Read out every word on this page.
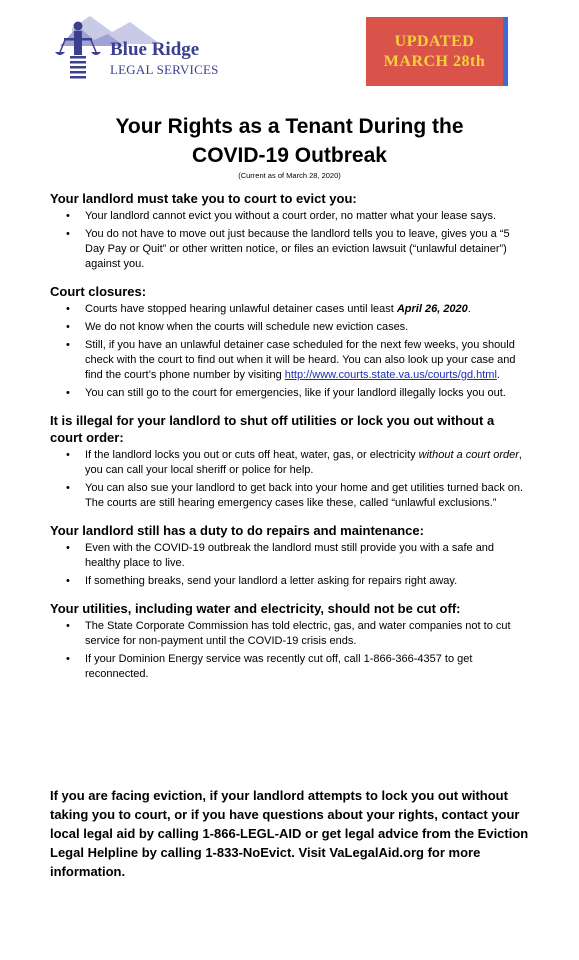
Blue Ridge
LEGAL SERVICES
UPDATED
MARCH 28th
Your Rights as a Tenant During the
COVID-19 Outbreak
(Current as of March 28, 2020)
Your landlord must take you to court to evict you:
• Your landlord cannot evict you without a court order, no matter what your lease says.
• You do not have to move out just because the landlord tells you to leave, gives you a “5 Day Pay or Quit” or other written notice, or files an eviction lawsuit (“unlawful detainer”) against you.
Court closures:
• Courts have stopped hearing unlawful detainer cases until least April 26, 2020.
• We do not know when the courts will schedule new eviction cases.
• Still, if you have an unlawful detainer case scheduled for the next few weeks, you should check with the court to find out when it will be heard. You can also look up your case and find the court’s phone number by visiting http://www.courts.state.va.us/courts/gd.html.
• You can still go to the court for emergencies, like if your landlord illegally locks you out.
It is illegal for your landlord to shut off utilities or lock you out without a court order:
• If the landlord locks you out or cuts off heat, water, gas, or electricity without a court order, you can call your local sheriff or police for help.
• You can also sue your landlord to get back into your home and get utilities turned back on. The courts are still hearing emergency cases like these, called “unlawful exclusions.”
Your landlord still has a duty to do repairs and maintenance:
• Even with the COVID-19 outbreak the landlord must still provide you with a safe and healthy place to live.
• If something breaks, send your landlord a letter asking for repairs right away.
Your utilities, including water and electricity, should not be cut off:
• The State Corporate Commission has told electric, gas, and water companies not to cut service for non-payment until the COVID-19 crisis ends.
• If your Dominion Energy service was recently cut off, call 1-866-366-4357 to get reconnected.
If you are facing eviction, if your landlord attempts to lock you out without taking you to court, or if you have questions about your rights, contact your local legal aid by calling 1-866-LEGL-AID or get legal advice from the Eviction Legal Helpline by calling 1-833-NoEvict. Visit VaLegalAid.org for more information.
